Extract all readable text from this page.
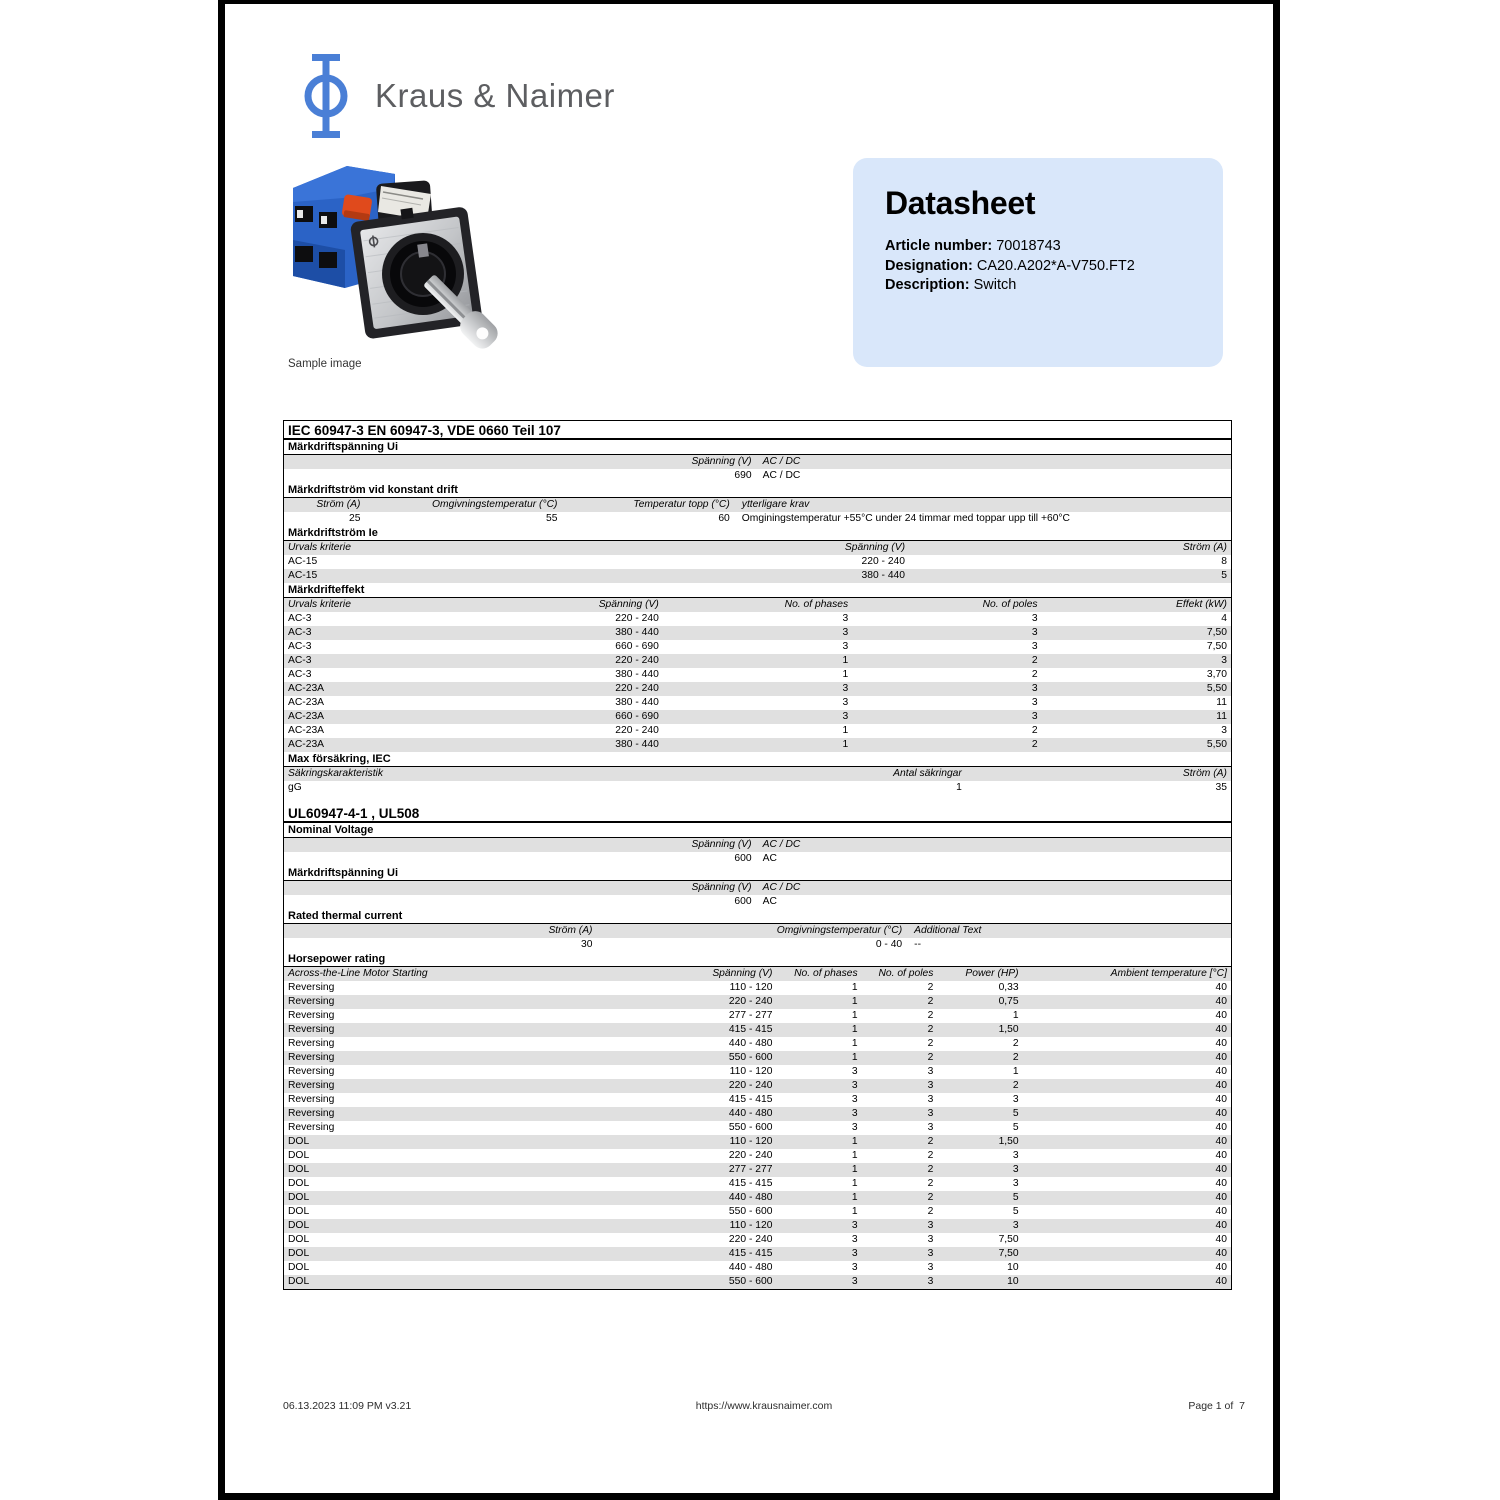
Kraus & Naimer
Sample image
Datasheet

Article number: 70018743

Designation: CA20.A202*A-V750.FT2

Description: Switch

IEC 60947-3 EN 60947-3, VDE 0660 Teil 107
Märkdriftspänning Ui
Spänning (V)	AC / DC
690	AC / DC
Märkdriftström vid konstant drift
Ström (A)	Omgivningstemperatur (°C)	Temperatur topp (°C)	ytterligare krav
25	55	60	Omginingstemperatur +55°C under 24 timmar med toppar upp till +60°C
Märkdriftström Ie
Urvals kriterie	Spänning (V)	Ström (A)
AC-15	220 - 240	8
AC-15	380 - 440	5
Märkdrifteffekt
Urvals kriterie	Spänning (V)	No. of phases	No. of poles	Effekt (kW)
AC-3	220 - 240	3	3	4
AC-3	380 - 440	3	3	7,50
AC-3	660 - 690	3	3	7,50
AC-3	220 - 240	1	2	3
AC-3	380 - 440	1	2	3,70
AC-23A	220 - 240	3	3	5,50
AC-23A	380 - 440	3	3	11
AC-23A	660 - 690	3	3	11
AC-23A	220 - 240	1	2	3
AC-23A	380 - 440	1	2	5,50
Max försäkring, IEC
Säkringskarakteristik	Antal säkringar	Ström (A)
gG	1	35
UL60947-4-1 , UL508
Nominal Voltage
Spänning (V)	AC / DC
600	AC
Märkdriftspänning Ui
Spänning (V)	AC / DC
600	AC
Rated thermal current
Ström (A)	Omgivningstemperatur (°C)	Additional Text
30	0 - 40	--
Horsepower rating
Across-the-Line Motor Starting	Spänning (V)	No. of phases	No. of poles	Power (HP)	Ambient temperature [°C]
Reversing	110 - 120	1	2	0,33	40
Reversing	220 - 240	1	2	0,75	40
Reversing	277 - 277	1	2	1	40
Reversing	415 - 415	1	2	1,50	40
Reversing	440 - 480	1	2	2	40
Reversing	550 - 600	1	2	2	40
Reversing	110 - 120	3	3	1	40
Reversing	220 - 240	3	3	2	40
Reversing	415 - 415	3	3	3	40
Reversing	440 - 480	3	3	5	40
Reversing	550 - 600	3	3	5	40
DOL	110 - 120	1	2	1,50	40
DOL	220 - 240	1	2	3	40
DOL	277 - 277	1	2	3	40
DOL	415 - 415	1	2	3	40
DOL	440 - 480	1	2	5	40
DOL	550 - 600	1	2	5	40
DOL	110 - 120	3	3	3	40
DOL	220 - 240	3	3	7,50	40
DOL	415 - 415	3	3	7,50	40
DOL	440 - 480	3	3	10	40
DOL	550 - 600	3	3	10	40
06.13.2023 11:09 PM v3.21	https://www.krausnaimer.com	Page 1 of  7
